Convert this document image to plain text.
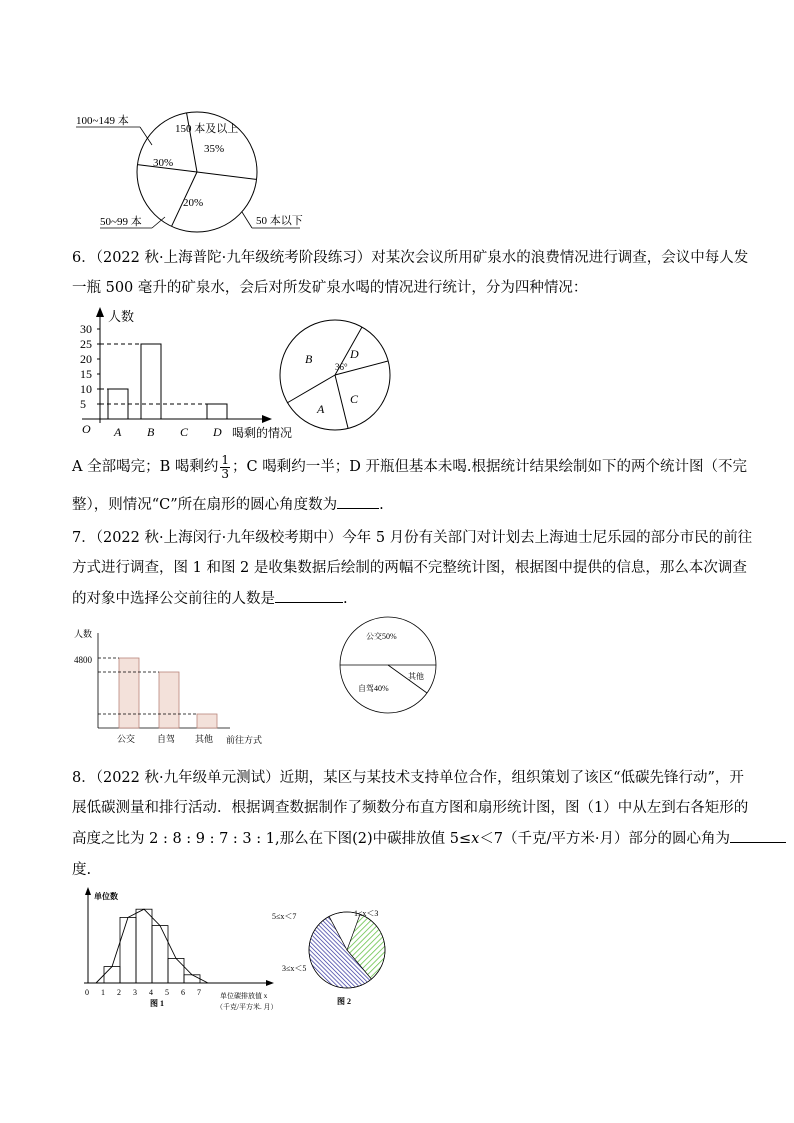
100~149 本
150 本及以上
35%
30%
20%
50~99 本	50 本以下
6．（2022 秋·上海普陀·九年级统考阶段练习）对某次会议所用矿泉水的浪费情况进行调查，会议中每人发
一瓶 500 毫升的矿泉水，会后对所发矿泉水喝的情况进行统计，分为四种情况：
人数
喝剩的情况
O
5
10
15
20
25
30
A B C D
B	D
36°
C
A
A 全部喝完；B 喝剩约 $\frac{1}{3}$ ；C 喝剩约一半；D 开瓶但基本未喝.根据统计结果绘制如下的两个统计图（不完
整），则情况“C”所在扇形的圆心角度数为	.
7．（2022 秋·上海闵行·九年级校考期中）今年 5 月份有关部门对计划去上海迪士尼乐园的部分市民的前往
方式进行调查，图 1 和图 2 是收集数据后绘制的两幅不完整统计图，根据图中提供的信息，那么本次调查
的对象中选择公交前往的人数是	.
人数
4800
前往方式
公交 自驾 其他
公交50%
其他
自驾40%
8．（2022 秋·九年级单元测试）近期，某区与某技术支持单位合作，组织策划了该区“低碳先锋行动”，开
展低碳测量和排行活动．根据调查数据制作了频数分布直方图和扇形统计图，图（1）中从左到右各矩形的
高度之比为 2 : 8 : 9 : 7 : 3 : 1,那么在下图(2)中碳排放值 5≤x＜7（千克/平方米·月）部分的圆心角为
度.
单位数
单位碳排放值 x
（千克/平方米. 月）
图 1
0 1 2 3 4 5 6 7
5≤x＜7	1≤x＜3
3≤x＜5
图 2
